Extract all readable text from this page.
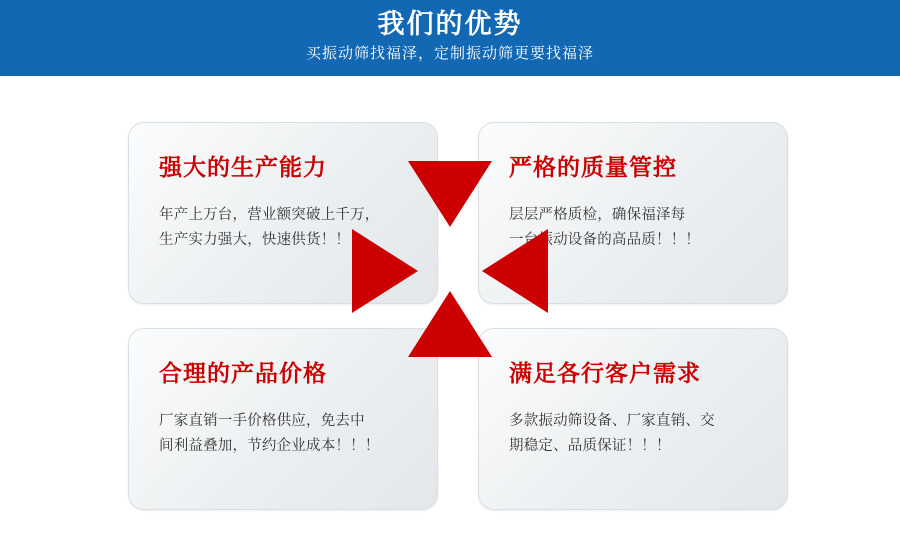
我们的优势
买振动筛找福泽，定制振动筛更要找福泽
强大的生产能力
年产上万台，营业额突破上千万，
生产实力强大，快速供货！！！
严格的质量管控
层层严格质检，确保福泽每
一台振动设备的高品质！！！
合理的产品价格
厂家直销一手价格供应，免去中
间利益叠加，节约企业成本！！！
满足各行客户需求
多款振动筛设备、厂家直销、交
期稳定、品质保证！！！
